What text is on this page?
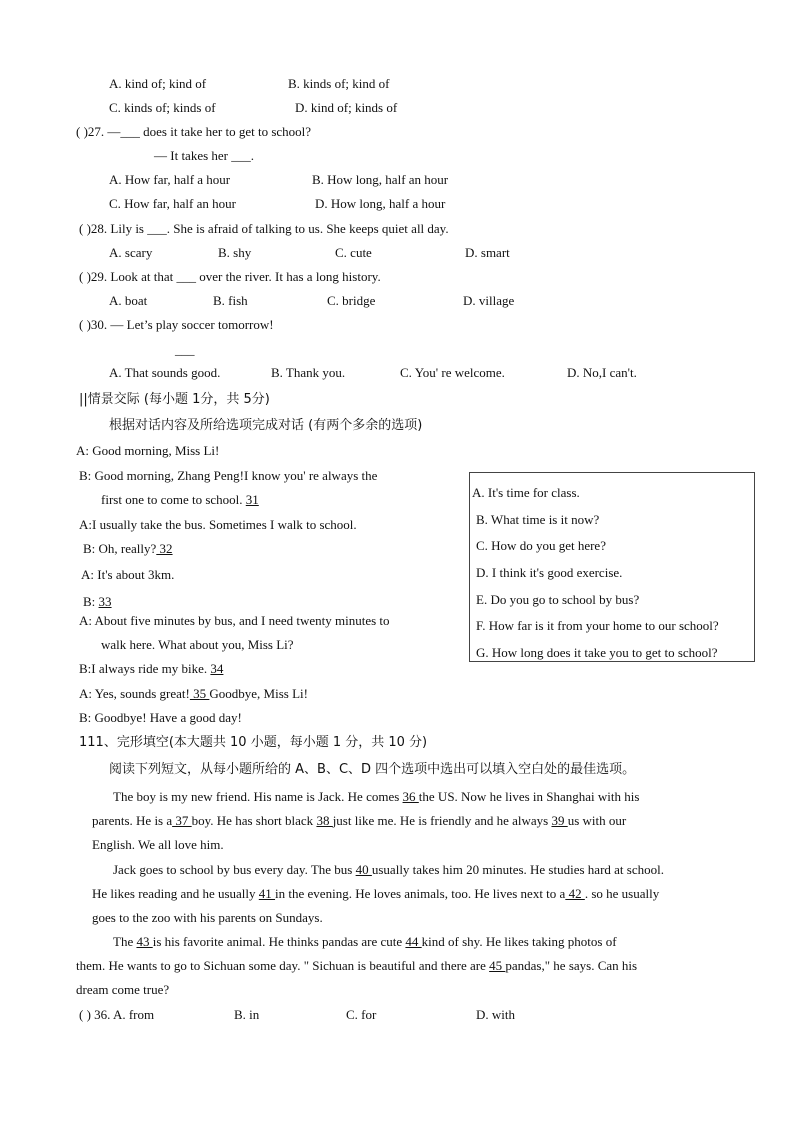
A. kind of; kind of	B. kinds of; kind of
C. kinds of; kinds of	D. kind of; kinds of
( )27. —___ does it take her to get to school?
— It takes her ___.
A. How far, half a hour	B. How long, half an hour
C. How far, half an hour	D. How long, half a hour
( )28. Lily is ___. She is afraid of talking to us. She keeps quiet all day.
A. scary	B. shy	C. cute	D. smart
( )29. Look at that ___ over the river. It has a long history.
A. boat	B. fish	C. bridge	D. village
( )30. — Let’s play soccer tomorrow!
___
A. That sounds good.	B. Thank you.	C. You' re welcome.	D. No,I can't.
||情景交际 (每小题 1分，共 5分)
根据对话内容及所给选项完成对话 (有两个多余的选项)
A: Good morning, Miss Li!
B: Good morning, Zhang Peng!I know you' re always the
first one to come to school. 31
A:I usually take the bus. Sometimes I walk to school.
B: Oh, really? 32
A: It's about 3km.
B: 33
A: About five minutes by bus, and I need twenty minutes to
walk here. What about you, Miss Li?
B:I always ride my bike. 34
A: Yes, sounds great! 35 Goodbye, Miss Li!
B: Goodbye! Have a good day!
A. It's time for class.
B. What time is it now?
C. How do you get here?
D. I think it's good exercise.
E. Do you go to school by bus?
F. How far is it from your home to our school?
G. How long does it take you to get to school?
111、完形填空(本大题共 10 小题，每小题 1 分，共 10 分)
阅读下列短文，从每小题所给的 A、B、C、D 四个选项中选出可以填入空白处的最佳选项。
The boy is my new friend. His name is Jack. He comes 36 the US. Now he lives in Shanghai with his
parents. He is a 37 boy. He has short black 38 just like me. He is friendly and he always 39 us with our
English. We all love him.
Jack goes to school by bus every day. The bus 40 usually takes him 20 minutes. He studies hard at school.
He likes reading and he usually 41 in the evening. He loves animals, too. He lives next to a 42 . so he usually
goes to the zoo with his parents on Sundays.
The 43 is his favorite animal. He thinks pandas are cute 44 kind of shy. He likes taking photos of
them. He wants to go to Sichuan some day. " Sichuan is beautiful and there are 45 pandas," he says. Can his
dream come true?
( ) 36. A. from	B. in	C. for	D. with
